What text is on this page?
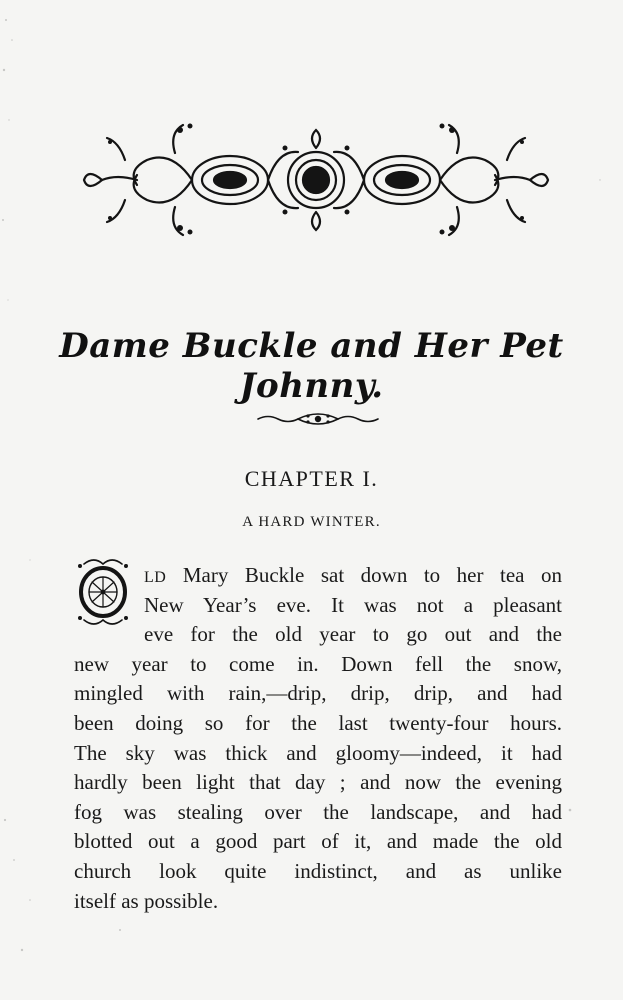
Dame Buckle and Her Pet Johnny.
CHAPTER I.
A HARD WINTER.
O
LD Mary Buckle sat down to her tea on
New Year’s eve. It was not a pleasant
eve for the old year to go out and the
new year to come in. Down fell the snow,
mingled with rain,—drip, drip, drip, and had
been doing so for the last twenty-four hours.
The sky was thick and gloomy—indeed, it had
hardly been light that day ; and now the evening
fog was stealing over the landscape, and had
blotted out a good part of it, and made the old
church look quite indistinct, and as unlike
itself as possible.
